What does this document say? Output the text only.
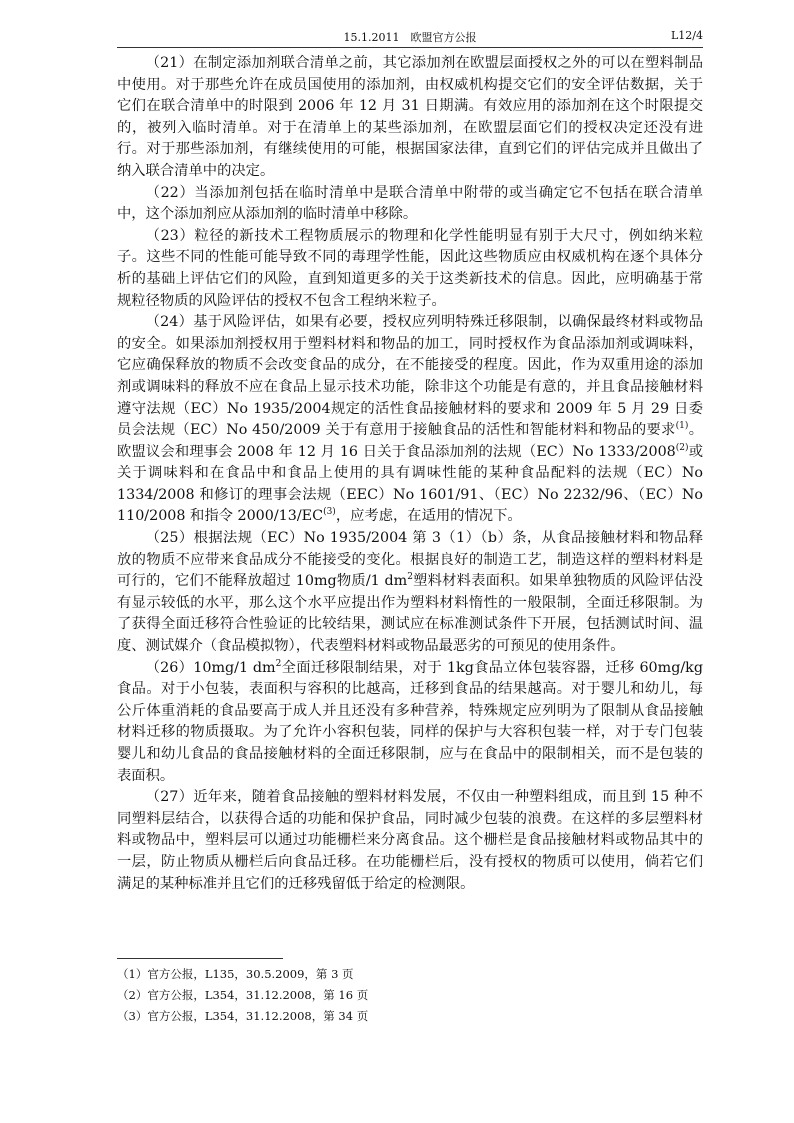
15.1.2011　欧盟官方公报	L12/4

（21）在制定添加剂联合清单之前，其它添加剂在欧盟层面授权之外的可以在塑料制品中使用。对于那些允许在成员国使用的添加剂，由权威机构提交它们的安全评估数据，关于它们在联合清单中的时限到 2006 年 12 月 31 日期满。有效应用的添加剂在这个时限提交的，被列入临时清单。对于在清单上的某些添加剂，在欧盟层面它们的授权决定还没有进行。对于那些添加剂，有继续使用的可能，根据国家法律，直到它们的评估完成并且做出了纳入联合清单中的决定。

（22）当添加剂包括在临时清单中是联合清单中附带的或当确定它不包括在联合清单中，这个添加剂应从添加剂的临时清单中移除。

（23）粒径的新技术工程物质展示的物理和化学性能明显有别于大尺寸，例如纳米粒子。这些不同的性能可能导致不同的毒理学性能，因此这些物质应由权威机构在逐个具体分析的基础上评估它们的风险，直到知道更多的关于这类新技术的信息。因此，应明确基于常规粒径物质的风险评估的授权不包含工程纳米粒子。

（24）基于风险评估，如果有必要，授权应列明特殊迁移限制，以确保最终材料或物品的安全。如果添加剂授权用于塑料材料和物品的加工，同时授权作为食品添加剂或调味料，它应确保释放的物质不会改变食品的成分，在不能接受的程度。因此，作为双重用途的添加剂或调味料的释放不应在食品上显示技术功能，除非这个功能是有意的，并且食品接触材料遵守法规（EC）No 1935/2004规定的活性食品接触材料的要求和 2009 年 5 月 29 日委员会法规（EC）No 450/2009 关于有意用于接触食品的活性和智能材料和物品的要求$^{(1)}$。欧盟议会和理事会 2008 年 12 月 16 日关于食品添加剂的法规（EC）No 1333/2008$^{(2)}$或关于调味料和在食品中和食品上使用的具有调味性能的某种食品配料的法规（EC）No 1334/2008 和修订的理事会法规（EEC）No 1601/91、（EC）No 2232/96、（EC）No 110/2008 和指令 2000/13/EC$^{(3)}$，应考虑，在适用的情况下。

（25）根据法规（EC）No 1935/2004 第 3（1）（b）条，从食品接触材料和物品释放的物质不应带来食品成分不能接受的变化。根据良好的制造工艺，制造这样的塑料材料是可行的，它们不能释放超过 10mg物质/1 $dm^2$塑料材料表面积。如果单独物质的风险评估没有显示较低的水平，那么这个水平应提出作为塑料材料惰性的一般限制，全面迁移限制。为了获得全面迁移符合性验证的比较结果，测试应在标准测试条件下开展，包括测试时间、温度、测试媒介（食品模拟物），代表塑料材料或物品最恶劣的可预见的使用条件。

（26）10mg/1 $dm^2$全面迁移限制结果，对于 1kg食品立体包装容器，迁移 60mg/kg 食品。对于小包装，表面积与容积的比越高，迁移到食品的结果越高。对于婴儿和幼儿，每公斤体重消耗的食品要高于成人并且还没有多种营养，特殊规定应列明为了限制从食品接触材料迁移的物质摄取。为了允许小容积包装，同样的保护与大容积包装一样，对于专门包装婴儿和幼儿食品的食品接触材料的全面迁移限制，应与在食品中的限制相关，而不是包装的表面积。

（27）近年来，随着食品接触的塑料材料发展，不仅由一种塑料组成，而且到 15 种不同塑料层结合，以获得合适的功能和保护食品，同时减少包装的浪费。在这样的多层塑料材料或物品中，塑料层可以通过功能栅栏来分离食品。这个栅栏是食品接触材料或物品其中的一层，防止物质从栅栏后向食品迁移。在功能栅栏后，没有授权的物质可以使用，倘若它们满足的某种标准并且它们的迁移残留低于给定的检测限。

（1）官方公报，L135，30.5.2009，第 3 页
（2）官方公报，L354，31.12.2008，第 16 页
（3）官方公报，L354，31.12.2008，第 34 页
